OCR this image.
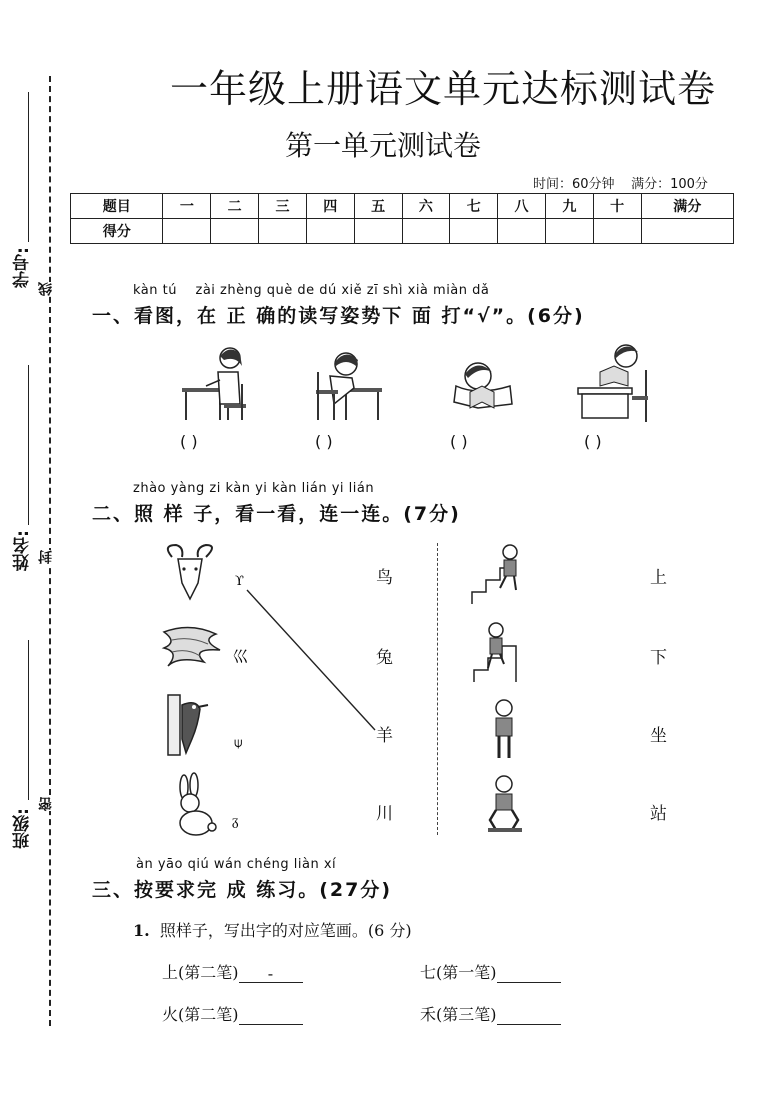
学号:
姓名:
班级:
线
封
密
一年级上册语文单元达标测试卷
第一单元测试卷
时间：60分钟 满分：100分
题目	一	二	三	四	五	六	七	八	九	十	满分
得分											
kàn tú zài zhèng què de dú xiě zī shì xià miàn dǎ
一、看图，在 正 确的读写姿势下 面 打“√”。(6分)
( )	( )	( )	( )
zhào yàng zi kàn yi kàn lián yi lián
二、照 样 子，看一看，连一连。(7分)
ϒ
巛
⍦
ᵹ
鸟
兔
羊
川
上
下
坐
站
àn yāo qiú wán chéng liàn xí
三、按要求完 成 练习。(27分)
1. 照样子，写出字的对应笔画。(6 分)
上(第二笔) -	七(第一笔)
火(第二笔)	禾(第三笔)
